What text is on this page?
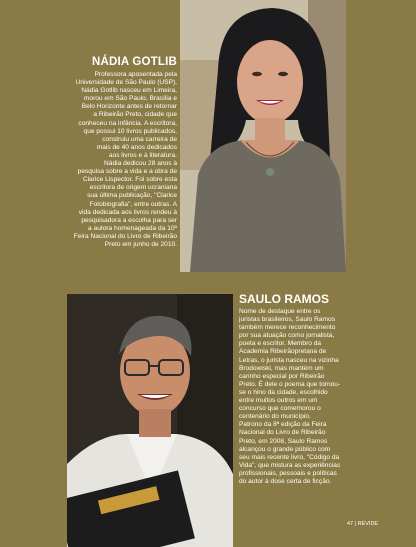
NÁDIA GOTLIB

Professora aposentada pela
Universidade de São Paulo (USP),
Nádia Gotlib nasceu em Limeira,
morou em São Paulo, Brasília e
Belo Horizonte antes de retornar
a Ribeirão Preto, cidade que
conheceu na infância. A escritora,
que possui 10 livros publicados,
construiu uma carreira de
mais de 40 anos dedicados
aos livros e à literatura.
Nádia dedicou 28 anos à
pesquisa sobre a vida e a obra de
Clarice Lispector. Foi sobre esta
escritora de origem ucraniana
sua última publicação, "Clarice
Fotobiografia", entre outras. A
vida dedicada aos livros rendeu à
pesquisadora a escolha para ser
a autora homenageada da 10ª
Feira Nacional do Livro de Ribeirão
Preto em junho de 2010.

SAULO RAMOS

Nome de destaque entre os
juristas brasileiros, Saulo Ramos
também merece reconhecimento
por sua atuação como jornalista,
poeta e escritor. Membro da
Academia Ribeirãopretana de
Letras, o jurista nasceu na vizinha
Brodowiski, mas mantém um
carinho especial por Ribeirão
Preto. É dele o poema que tornou-
se o hino da cidade, escolhido
entre muitos outros em um
concurso que comemorou o
centenário do município.
Patrono da 8ª edição da Feira
Nacional do Livro de Ribeirão
Preto, em 2008, Saulo Ramos
alcançou o grande público com
seu mais recente livro, "Código da
Vida", que mistura as experiências
profissionais, pessoais e políticas
do autor à dose certa de ficção.

47 | REVIDE
